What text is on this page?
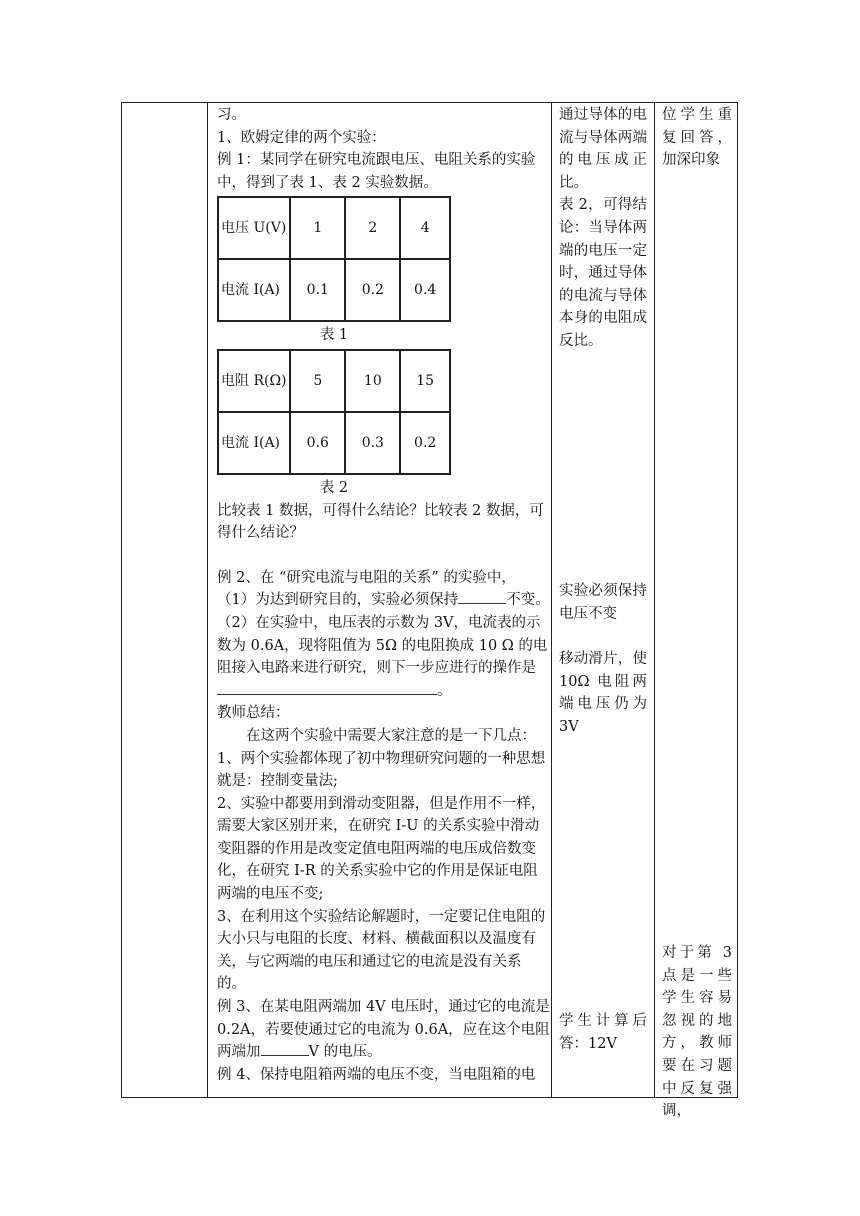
习。

1、欧姆定律的两个实验：

例 1：某同学在研究电流跟电压、电阻关系的实验中，得到了表 1、表 2 实验数据。

电压 U(V)	1	2	4
电流 I(A)	0.1	0.2	0.4

表 1

电阻 R(Ω)	5	10	15
电流 I(A)	0.6	0.3	0.2

表 2

比较表 1 数据，可得什么结论？比较表 2 数据，可得什么结论？

例 2、在 “研究电流与电阻的关系” 的实验中，

（1）为达到研究目的，实验必须保持	不变。

（2）在实验中，电压表的示数为 3V，电流表的示数为 0.6A，现将阻值为 5Ω 的电阻换成 10 Ω 的电阻接入电路来进行研究，则下一步应进行的操作是。

教师总结：

在这两个实验中需要大家注意的是一下几点：

1、两个实验都体现了初中物理研究问题的一种思想就是：控制变量法;

2、实验中都要用到滑动变阻器，但是作用不一样，需要大家区别开来，在研究 I-U 的关系实验中滑动变阻器的作用是改变定值电阻两端的电压成倍数变化，在研究 I-R 的关系实验中它的作用是保证电阻两端的电压不变;

3、在利用这个实验结论解题时，一定要记住电阻的大小只与电阻的长度、材料、横截面积以及温度有关，与它两端的电压和通过它的电流是没有关系的。

例 3、在某电阻两端加 4V 电压时，通过它的电流是 0.2A，若要使通过它的电流为 0.6A，应在这个电阻两端加	V 的电压。

例 4、保持电阻箱两端的电压不变，当电阻箱的电

通过导体的电流与导体两端的电压成正比。

表 2，可得结论：当导体两端的电压一定时，通过导体的电流与导体本身的电阻成反比。

实验必须保持电压不变

移动滑片，使 10Ω 电阻两端电压仍为 3V

学生计算后答：12V

位学生重复回答，加深印象

对于第 3 点是一些学生容易忽视的地方，教师要在习题中反复强调，
